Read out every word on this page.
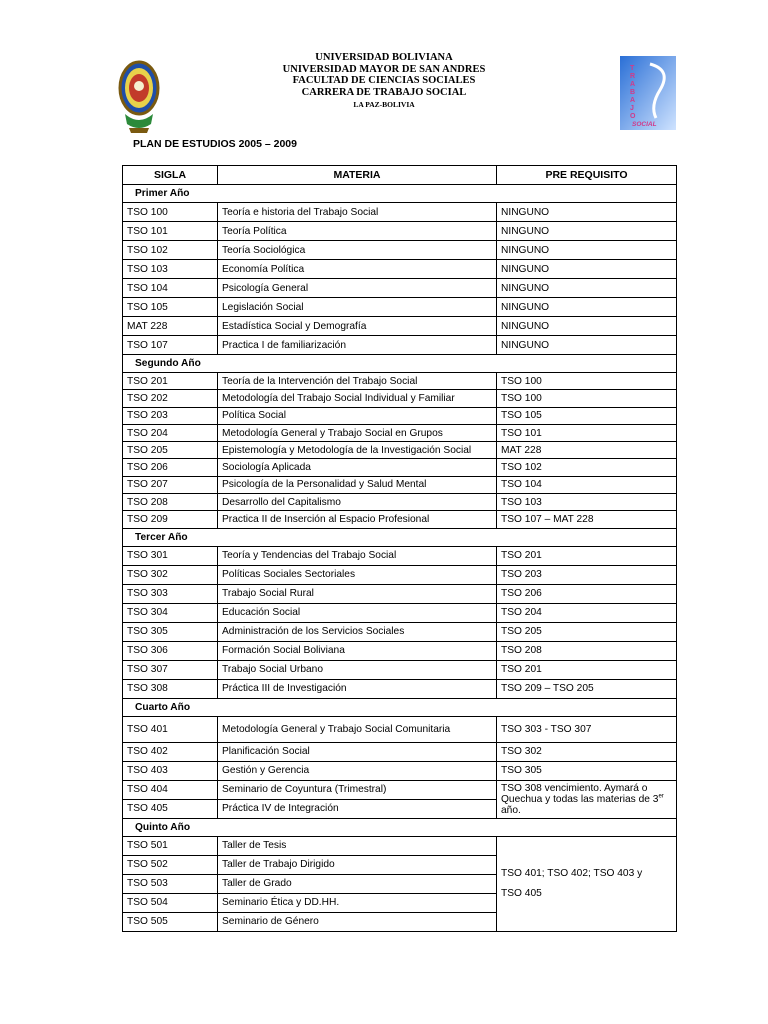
UNIVERSIDAD BOLIVIANA
UNIVERSIDAD MAYOR DE SAN ANDRES
FACULTAD DE CIENCIAS SOCIALES
CARRERA DE TRABAJO SOCIAL
LA PAZ-BOLIVIA
T
R
A
B
A
J
O
SOCIAL
PLAN DE ESTUDIOS 2005 – 2009
SIGLA	MATERIA	PRE REQUISITO
Primer Año		
TSO 100	Teoría e historia del Trabajo Social	NINGUNO
TSO 101	Teoría Política	NINGUNO
TSO 102	Teoría Sociológica	NINGUNO
TSO 103	Economía Política	NINGUNO
TSO 104	Psicología General	NINGUNO
TSO 105	Legislación Social	NINGUNO
MAT 228	Estadística Social y Demografía	NINGUNO
TSO 107	Practica I de familiarización	NINGUNO
Segundo Año		
TSO 201	Teoría de la Intervención del Trabajo Social	TSO 100
TSO 202	Metodología del Trabajo Social Individual y Familiar	TSO 100
TSO 203	Política Social	TSO 105
TSO 204	Metodología General y Trabajo Social en Grupos	TSO 101
TSO 205	Epistemología y Metodología de la Investigación Social	MAT 228
TSO 206	Sociología Aplicada	TSO 102
TSO 207	Psicología de la Personalidad y Salud Mental	TSO 104
TSO 208	Desarrollo del Capitalismo	TSO 103
TSO 209	Practica II de Inserción al Espacio Profesional	TSO 107 – MAT 228
Tercer Año		
TSO 301	Teoría y Tendencias del Trabajo Social	TSO 201
TSO 302	Políticas Sociales Sectoriales	TSO 203
TSO 303	Trabajo Social Rural	TSO 206
TSO 304	Educación Social	TSO 204
TSO 305	Administración de los Servicios Sociales	TSO 205
TSO 306	Formación Social Boliviana	TSO 208
TSO 307	Trabajo Social Urbano	TSO 201
TSO 308	Práctica III de Investigación	TSO 209 – TSO 205
Cuarto Año		
TSO 401	Metodología General y Trabajo Social Comunitaria	TSO 303 - TSO 307
TSO 402	Planificación Social	TSO 302
TSO 403	Gestión y Gerencia	TSO 305
TSO 404	Seminario de Coyuntura (Trimestral)	TSO 308 vencimiento. Aymará o Quechua y todas las materias de 3er año.
TSO 405	Práctica IV de Integración	
Quinto Año		
TSO 501	Taller de Tesis	TSO 401; TSO 402; TSO 403 y
TSO 405

TSO 502	Taller de Trabajo Dirigido	
TSO 503	Taller de Grado	
TSO 504	Seminario Ética y DD.HH.	
TSO 505	Seminario de Género	
